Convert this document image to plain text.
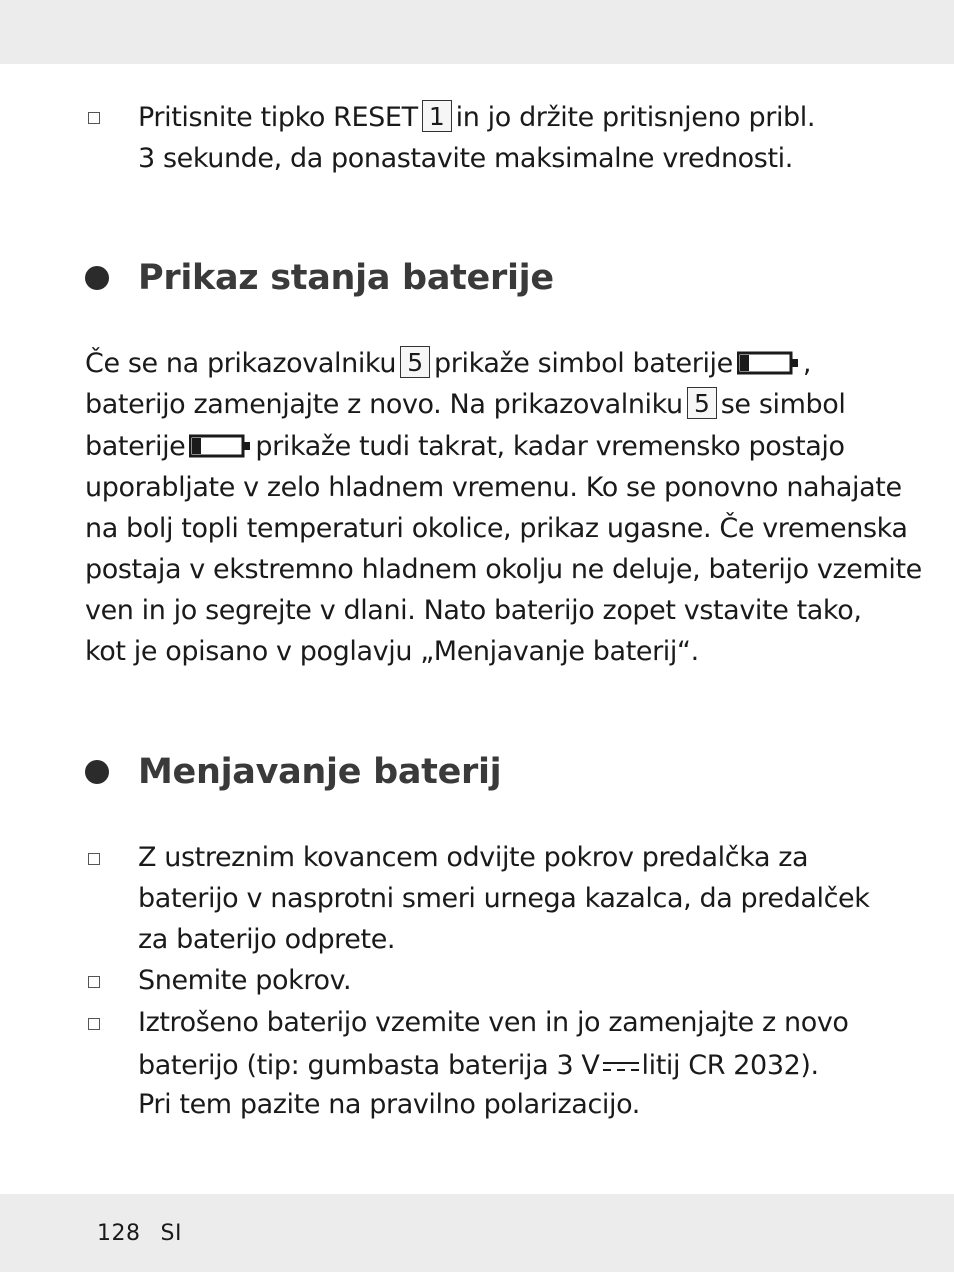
Pritisnite tipko RESET 1 in jo držite pritisnjeno pribl.
3 sekunde, da ponastavite maksimalne vrednosti.
Prikaz stanja baterije
Če se na prikazovalniku 5 prikaže simbol baterije	,
baterijo zamenjajte z novo. Na prikazovalniku 5 se simbol
baterije	prikaže tudi takrat, kadar vremensko postajo
uporabljate v zelo hladnem vremenu. Ko se ponovno nahajate
na bolj topli temperaturi okolice, prikaz ugasne. Če vremenska
postaja v ekstremno hladnem okolju ne deluje, baterijo vzemite
ven in jo segrejte v dlani. Nato baterijo zopet vstavite tako,
kot je opisano v poglavju „Menjavanje baterij“.
Menjavanje baterij
Z ustreznim kovancem odvijte pokrov predalčka za
baterijo v nasprotni smeri urnega kazalca, da predalček
za baterijo odprete.
Snemite pokrov.
Iztrošeno baterijo vzemite ven in jo zamenjajte z novo
baterijo (tip: gumbasta baterija 3 V litij CR 2032).
Pri tem pazite na pravilno polarizacijo.
128 SI
